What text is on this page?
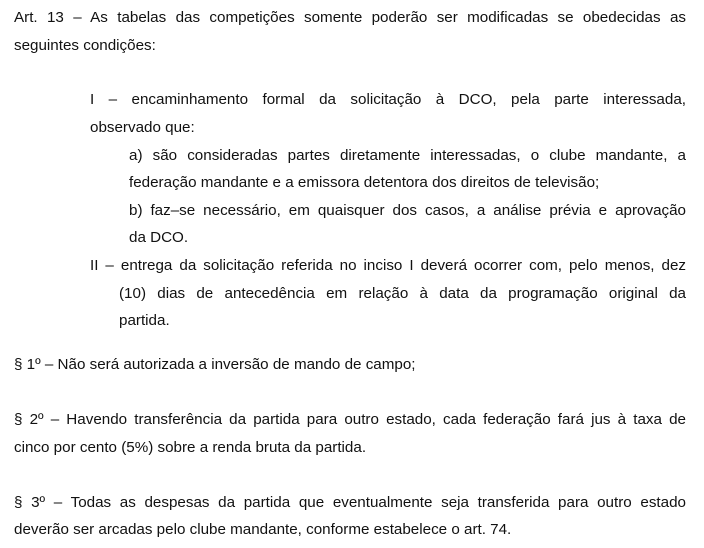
Art. 13 – As tabelas das competições somente poderão ser modificadas se obedecidas as
seguintes condições:
I – encaminhamento formal da solicitação à DCO, pela parte interessada,
observado que:
a) são consideradas partes diretamente interessadas, o clube mandante, a
federação mandante e a emissora detentora dos direitos de televisão;
b) faz–se necessário, em quaisquer dos casos, a análise prévia e aprovação
da DCO.
II – entrega da solicitação referida no inciso I deverá ocorrer com, pelo menos, dez
(10) dias de antecedência em relação à data da programação original da
partida.
§ 1º – Não será autorizada a inversão de mando de campo;
§ 2º – Havendo transferência da partida para outro estado, cada federação fará jus à taxa de
cinco por cento (5%) sobre a renda bruta da partida.
§ 3º – Todas as despesas da partida que eventualmente seja transferida para outro estado
deverão ser arcadas pelo clube mandante, conforme estabelece o art. 74.
